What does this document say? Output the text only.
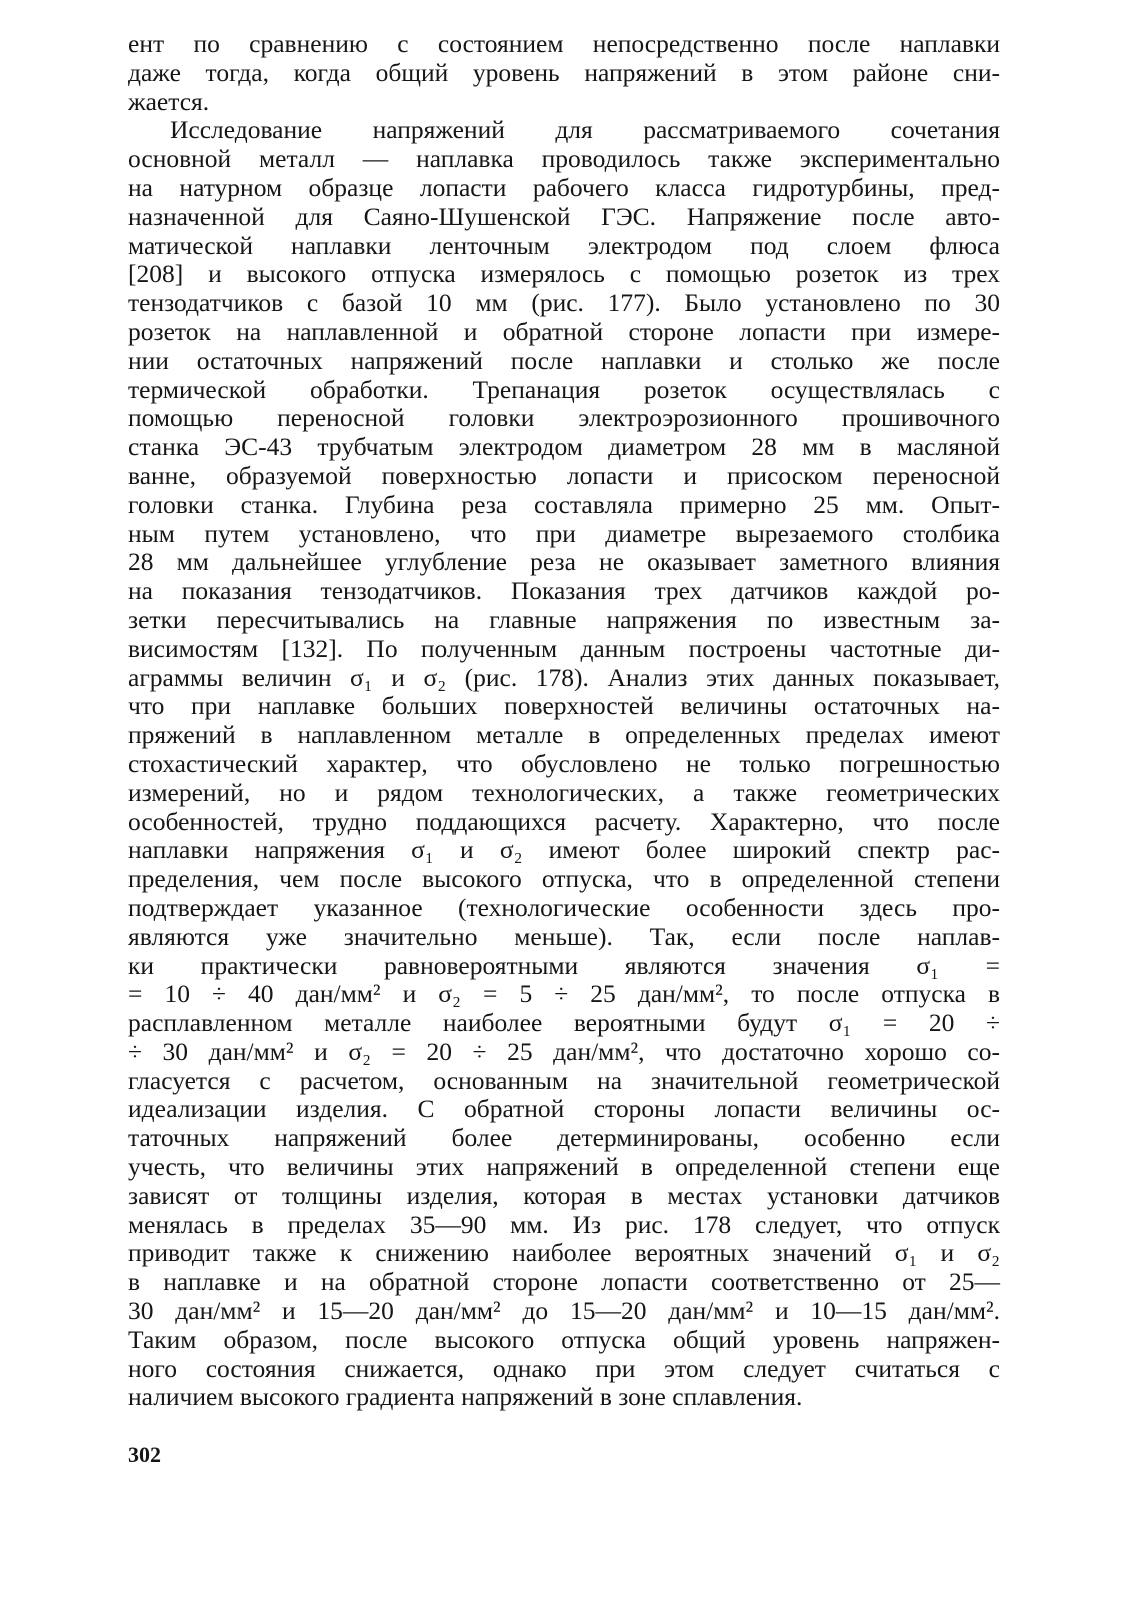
ент по сравнению с состоянием непосредственно после наплавки
даже тогда, когда общий уровень напряжений в этом районе сни-
жается.

Исследование напряжений для рассматриваемого сочетания
основной металл — наплавка проводилось также экспериментально
на натурном образце лопасти рабочего класса гидротурбины, пред-
назначенной для Саяно-Шушенской ГЭС. Напряжение после авто-
матической наплавки ленточным электродом под слоем флюса
[208] и высокого отпуска измерялось с помощью розеток из трех
тензодатчиков с базой 10 мм (рис. 177). Было установлено по 30
розеток на наплавленной и обратной стороне лопасти при измере-
нии остаточных напряжений после наплавки и столько же после
термической обработки. Трепанация розеток осуществлялась с
помощью переносной головки электроэрозионного прошивочного
станка ЭС-43 трубчатым электродом диаметром 28 мм в масляной
ванне, образуемой поверхностью лопасти и присоском переносной
головки станка. Глубина реза составляла примерно 25 мм. Опыт-
ным путем установлено, что при диаметре вырезаемого столбика
28 мм дальнейшее углубление реза не оказывает заметного влияния
на показания тензодатчиков. Показания трех датчиков каждой ро-
зетки пересчитывались на главные напряжения по известным за-
висимостям [132]. По полученным данным построены частотные ди-
аграммы величин σ₁ и σ₂ (рис. 178). Анализ этих данных показывает,
что при наплавке больших поверхностей величины остаточных на-
пряжений в наплавленном металле в определенных пределах имеют
стохастический характер, что обусловлено не только погрешностью
измерений, но и рядом технологических, а также геометрических
особенностей, трудно поддающихся расчету. Характерно, что после
наплавки напряжения σ₁ и σ₂ имеют более широкий спектр рас-
пределения, чем после высокого отпуска, что в определенной степени
подтверждает указанное (технологические особенности здесь про-
являются уже значительно меньше). Так, если после наплав-
ки практически равновероятными являются значения σ₁ =
= 10 ÷ 40 дан/мм² и σ₂ = 5 ÷ 25 дан/мм², то после отпуска в
расплавленном металле наиболее вероятными будут σ₁ = 20 ÷
÷ 30 дан/мм² и σ₂ = 20 ÷ 25 дан/мм², что достаточно хорошо со-
гласуется с расчетом, основанным на значительной геометрической
идеализации изделия. С обратной стороны лопасти величины ос-
таточных напряжений более детерминированы, особенно если
учесть, что величины этих напряжений в определенной степени еще
зависят от толщины изделия, которая в местах установки датчиков
менялась в пределах 35—90 мм. Из рис. 178 следует, что отпуск
приводит также к снижению наиболее вероятных значений σ₁ и σ₂
в наплавке и на обратной стороне лопасти соответственно от 25—
30 дан/мм² и 15—20 дан/мм² до 15—20 дан/мм² и 10—15 дан/мм².
Таким образом, после высокого отпуска общий уровень напряжен-
ного состояния снижается, однако при этом следует считаться с
наличием высокого градиента напряжений в зоне сплавления.

302
